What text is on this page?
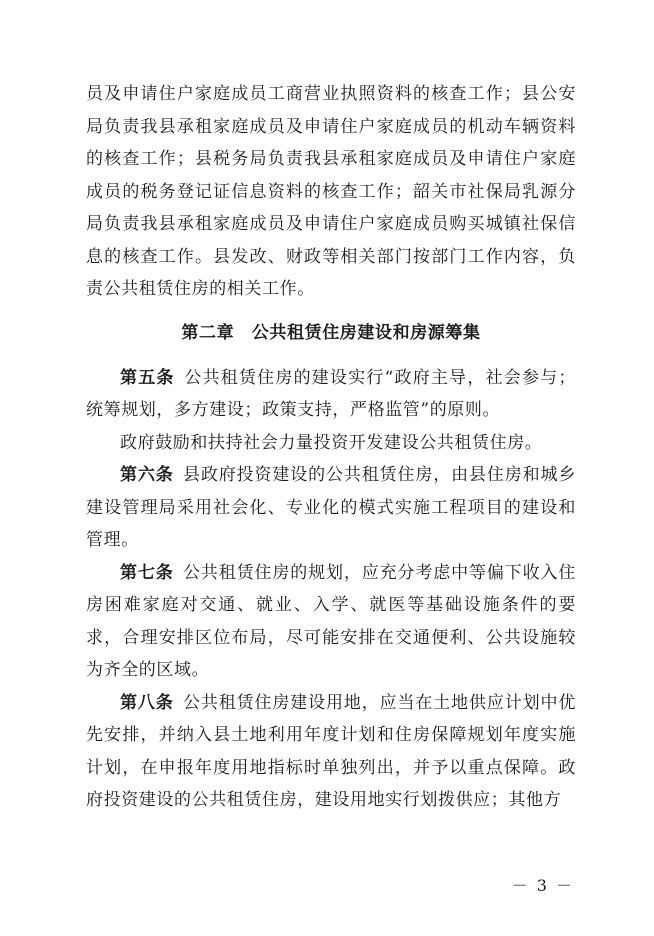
员及申请住户家庭成员工商营业执照资料的核查工作；县公安局负责我县承租家庭成员及申请住户家庭成员的机动车辆资料的核查工作；县税务局负责我县承租家庭成员及申请住户家庭成员的税务登记证信息资料的核查工作；韶关市社保局乳源分局负责我县承租家庭成员及申请住户家庭成员购买城镇社保信息的核查工作。县发改、财政等相关部门按部门工作内容，负责公共租赁住房的相关工作。

第二章　公共租赁住房建设和房源筹集

第五条  公共租赁住房的建设实行“政府主导，社会参与；统筹规划，多方建设；政策支持，严格监管”的原则。

政府鼓励和扶持社会力量投资开发建设公共租赁住房。

第六条  县政府投资建设的公共租赁住房，由县住房和城乡建设管理局采用社会化、专业化的模式实施工程项目的建设和管理。

第七条  公共租赁住房的规划，应充分考虑中等偏下收入住房困难家庭对交通、就业、入学、就医等基础设施条件的要求，合理安排区位布局，尽可能安排在交通便利、公共设施较为齐全的区域。

第八条  公共租赁住房建设用地，应当在土地供应计划中优先安排，并纳入县土地利用年度计划和住房保障规划年度实施计划，在申报年度用地指标时单独列出，并予以重点保障。政府投资建设的公共租赁住房，建设用地实行划拨供应；其他方

－ 3 －
